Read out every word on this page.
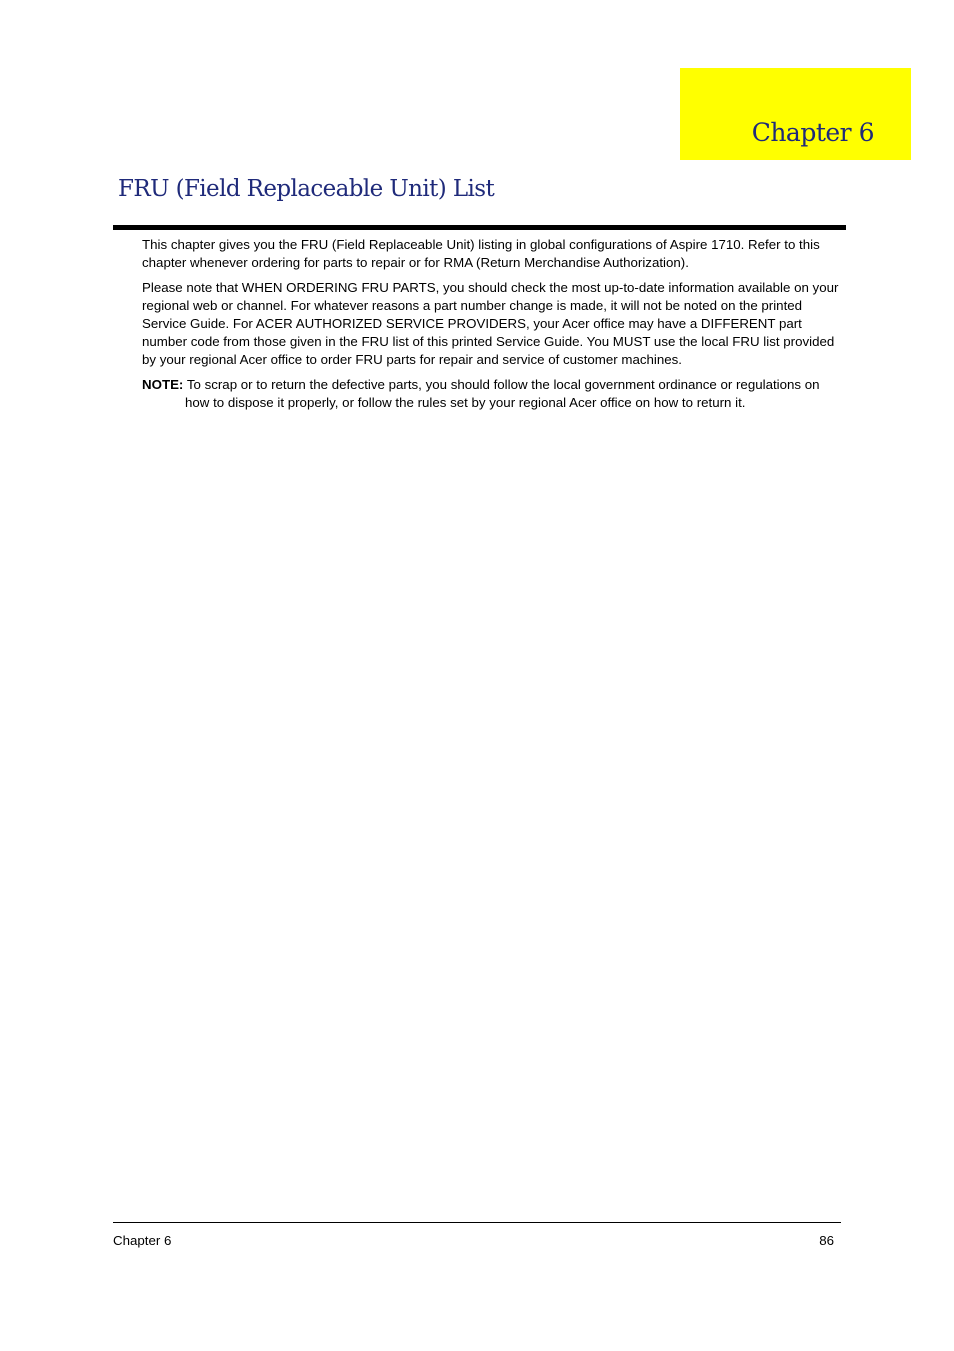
Chapter 6
FRU (Field Replaceable Unit) List

This chapter gives you the FRU (Field Replaceable Unit) listing in global configurations of Aspire 1710. Refer to this chapter whenever ordering for parts to repair or for RMA (Return Merchandise Authorization).

Please note that WHEN ORDERING FRU PARTS, you should check the most up-to-date information available on your regional web or channel. For whatever reasons a part number change is made, it will not be noted on the printed Service Guide. For ACER AUTHORIZED SERVICE PROVIDERS, your Acer office may have a DIFFERENT part number code from those given in the FRU list of this printed Service Guide. You MUST use the local FRU list provided by your regional Acer office to order FRU parts for repair and service of customer machines.

NOTE: To scrap or to return the defective parts, you should follow the local government ordinance or regulations on how to dispose it properly, or follow the rules set by your regional Acer office on how to return it.

Chapter 6	86
